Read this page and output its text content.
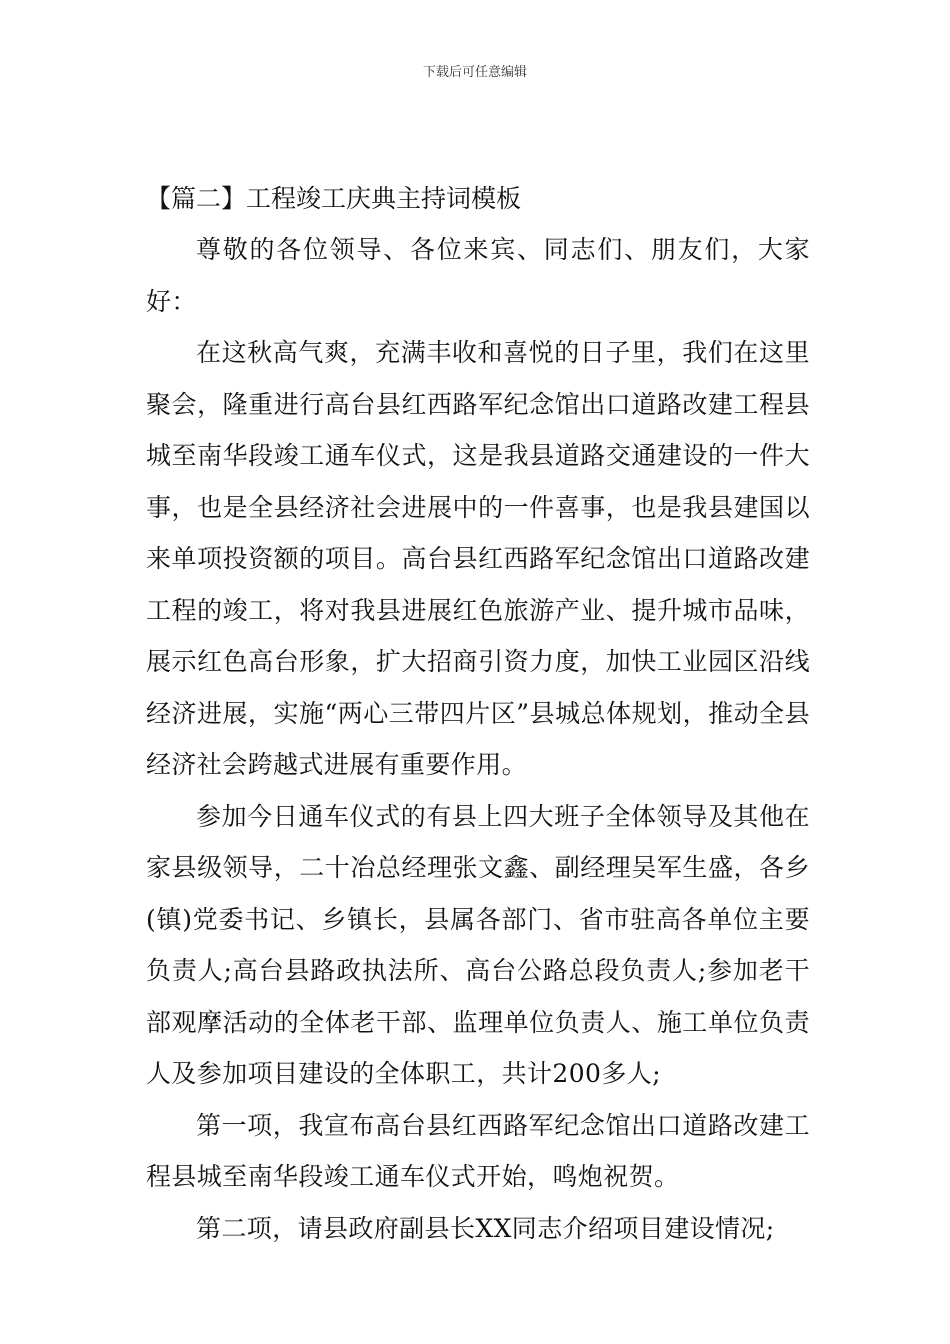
下载后可任意编辑
【篇二】工程竣工庆典主持词模板

尊敬的各位领导、各位来宾、同志们、朋友们，大家好：

在这秋高气爽，充满丰收和喜悦的日子里，我们在这里聚会，隆重进行高台县红西路军纪念馆出口道路改建工程县城至南华段竣工通车仪式，这是我县道路交通建设的一件大事，也是全县经济社会进展中的一件喜事，也是我县建国以来单项投资额的项目。高台县红西路军纪念馆出口道路改建工程的竣工，将对我县进展红色旅游产业、提升城市品味，展示红色高台形象，扩大招商引资力度，加快工业园区沿线经济进展，实施“两心三带四片区”县城总体规划，推动全县经济社会跨越式进展有重要作用。

参加今日通车仪式的有县上四大班子全体领导及其他在家县级领导，二十冶总经理张文鑫、副经理吴军生盛，各乡(镇)党委书记、乡镇长，县属各部门、省市驻高各单位主要负责人;高台县路政执法所、高台公路总段负责人;参加老干部观摩活动的全体老干部、监理单位负责人、施工单位负责人及参加项目建设的全体职工，共计200多人;

第一项，我宣布高台县红西路军纪念馆出口道路改建工程县城至南华段竣工通车仪式开始，鸣炮祝贺。

第二项，请县政府副县长XX同志介绍项目建设情况;
